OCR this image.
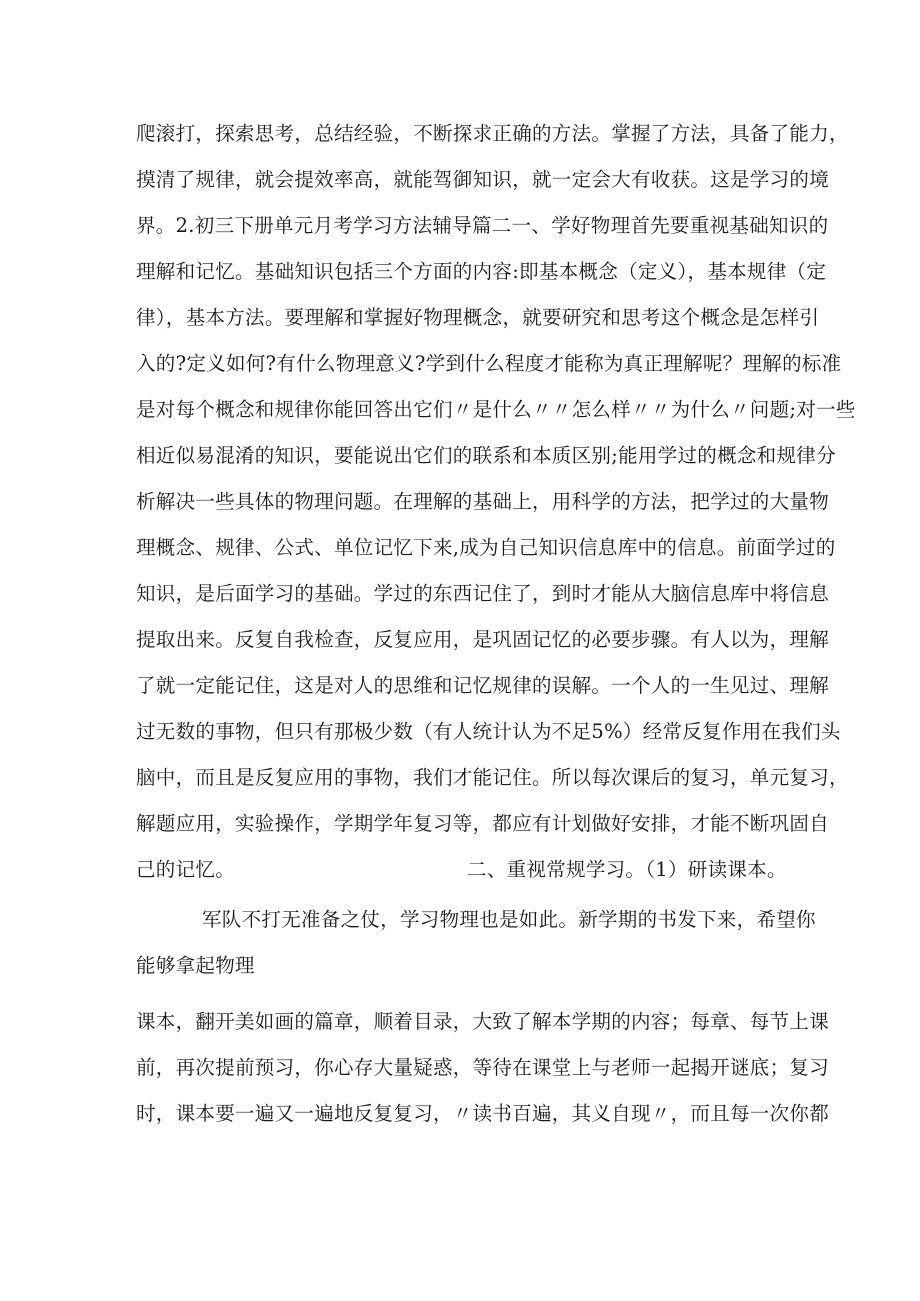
爬滚打，探索思考，总结经验，不断探求正确的方法。掌握了方法，具备了能力，
摸清了规律，就会提效率高，就能驾御知识，就一定会大有收获。这是学习的境
界。2.初三下册单元月考学习方法辅导篇二一、学好物理首先要重视基础知识的
理解和记忆。基础知识包括三个方面的内容:即基本概念（定义），基本规律（定
律），基本方法。要理解和掌握好物理概念，就要研究和思考这个概念是怎样引
入的?定义如何?有什么物理意义?学到什么程度才能称为真正理解呢？理解的标准
是对每个概念和规律你能回答出它们〃是什么〃〃怎么样〃〃为什么〃问题;对一些
相近似易混淆的知识，要能说出它们的联系和本质区别;能用学过的概念和规律分
析解决一些具体的物理问题。在理解的基础上，用科学的方法，把学过的大量物
理概念、规律、公式、单位记忆下来,成为自己知识信息库中的信息。前面学过的
知识，是后面学习的基础。学过的东西记住了，到时才能从大脑信息库中将信息
提取出来。反复自我检查，反复应用，是巩固记忆的必要步骤。有人以为，理解
了就一定能记住，这是对人的思维和记忆规律的误解。一个人的一生见过、理解
过无数的事物，但只有那极少数（有人统计认为不足5%）经常反复作用在我们头
脑中，而且是反复应用的事物，我们才能记住。所以每次课后的复习，单元复习，
解题应用，实验操作，学期学年复习等，都应有计划做好安排，才能不断巩固自
己的记忆。	二、重视常规学习。（1）研读课本。
军队不打无准备之仗，学习物理也是如此。新学期的书发下来，希望你
能够拿起物理
课本，翻开美如画的篇章，顺着目录，大致了解本学期的内容；每章、每节上课
前，再次提前预习，你心存大量疑惑，等待在课堂上与老师一起揭开谜底；复习
时，课本要一遍又一遍地反复复习，〃读书百遍，其义自现〃，而且每一次你都
